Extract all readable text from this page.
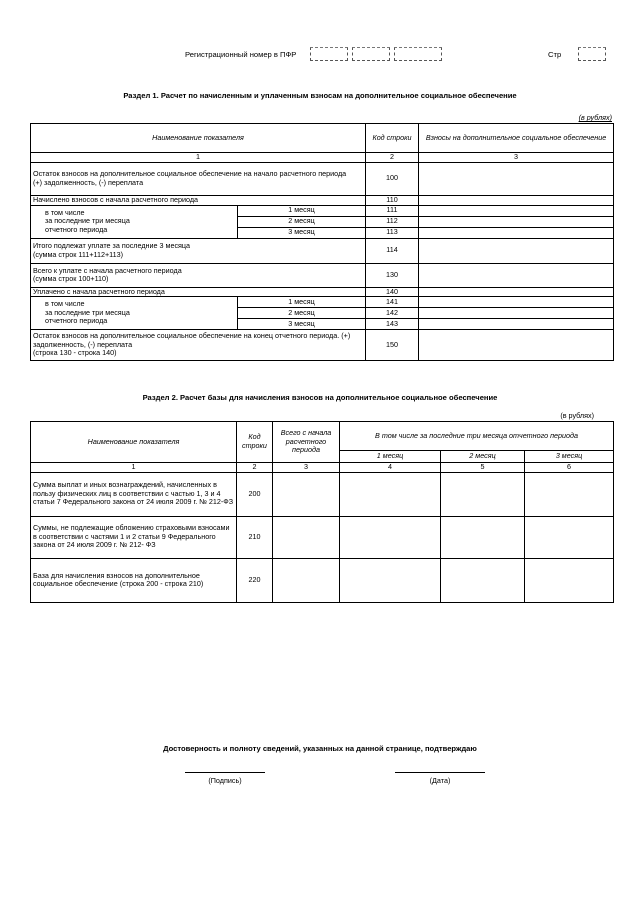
Регистрационный номер в ПФР	Стр
Раздел 1. Расчет по начисленным и уплаченным взносам на дополнительное социальное обеспечение
(в рублях)
Наименование показателя		Код строки	Взносы на дополнительное социальное обеспечение
1		2	3
Остаток взносов на дополнительное социальное обеспечение на начало расчетного периода
(+) задолженность, (-) переплата		100	
Начислено взносов с начала расчетного периода		110	
в том числе
за последние три месяца
отчетного периода	1 месяц	111	
	2 месяц	112	
	3 месяц	113	
Итого подлежат уплате за последние 3 месяца
(сумма строк 111+112+113)		114	
Всего к уплате с начала расчетного периода
(сумма строк 100+110)		130	
Уплачено с начала расчетного периода		140	
в том числе
за последние три месяца
отчетного периода	1 месяц	141	
	2 месяц	142	
	3 месяц	143	
Остаток взносов на дополнительное социальное обеспечение на конец отчетного периода. (+) задолженность, (-) переплата
(строка 130 - строка 140)		150	
Раздел 2. Расчет базы для начисления взносов на дополнительное социальное обеспечение
(в рублях)
Наименование показателя	Код строки	Всего с начала расчетного периода	В том числе за последние три месяца отчетного периода		
			1 месяц	2 месяц	3 месяц
1	2	3	4	5	6
Сумма выплат и иных вознаграждений, начисленных в пользу физических лиц в соответствии с частью 1, 3 и 4 статьи 7 Федерального закона от 24 июля 2009 г. № 212-ФЗ	200				
Суммы, не подлежащие обложению страховыми взносами в соответствии с частями 1 и 2 статьи 9 Федерального закона от 24 июля 2009 г. № 212- ФЗ	210				
База для начисления взносов на дополнительное социальное обеспечение (строка 200 - строка 210)	220				
Достоверность и полноту сведений, указанных на данной странице, подтверждаю
(Подпись)	(Дата)
